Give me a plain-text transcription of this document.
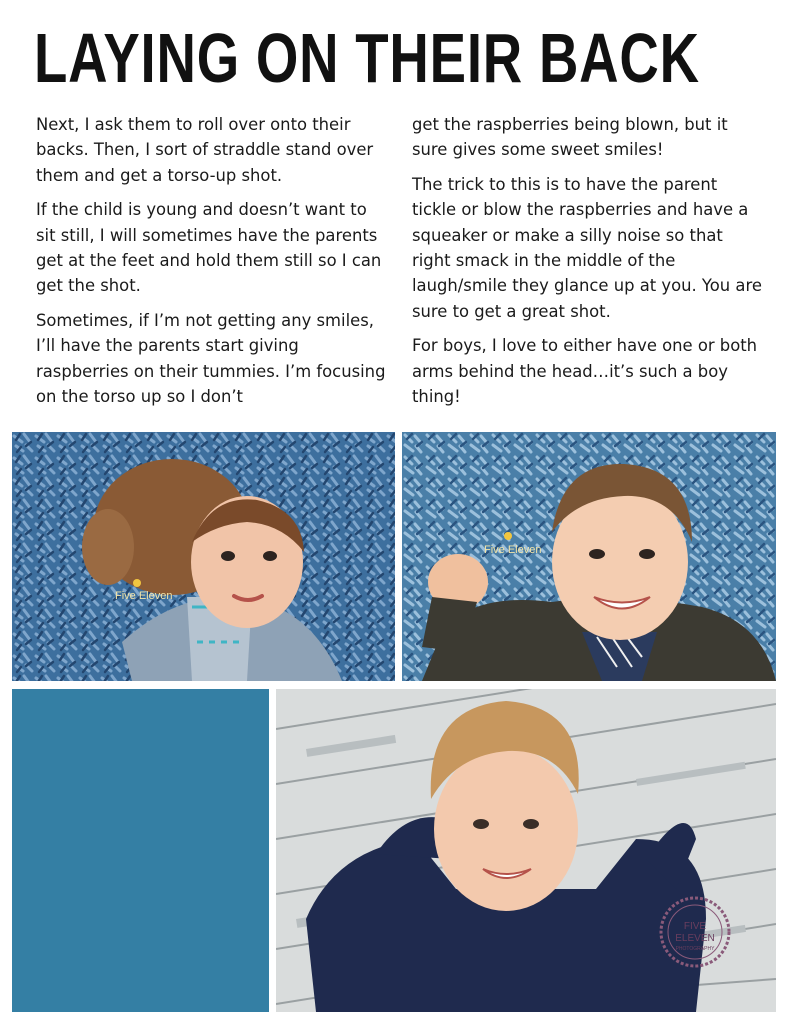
LAYING ON THEIR BACK

Next, I ask them to roll over onto their backs. Then, I sort of straddle stand over them and get a torso-up shot.

If the child is young and doesn’t want to sit still, I will sometimes have the parents get at the feet and hold them still so I can get the shot.

Sometimes, if I’m not getting any smiles, I’ll have the parents start giving raspberries on their tummies. I’m focusing on the torso up so I don’t

get the raspberries being blown, but it sure gives some sweet smiles!

The trick to this is to have the parent tickle or blow the raspberries and have a squeaker or make a silly noise so that right smack in the middle of the laugh/smile they glance up at you. You are sure to get a great shot.

For boys, I love to either have one or both arms behind the head…it’s such a boy thing!

Five Eleven
Five Eleven
FIVE
ELEVEN
PHOTOGRAPHY
